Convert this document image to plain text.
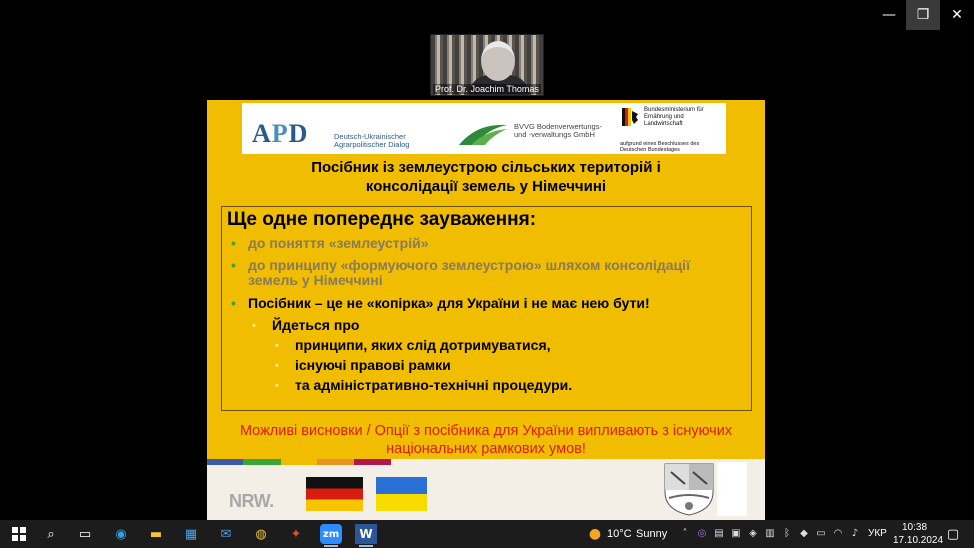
—	❐	✕
Prof. Dr. Joachim Thomas
APD	Deutsch-Ukrainischer Agrarpolitischer Dialog
BVVG Bodenverwertungs- und -verwaltungs GmbH
Bundesministerium für Ernährung und Landwirtschaft
aufgrund eines Beschlusses des Deutschen Bundestages
Посібник із землеустрою сільських територій і
консолідації земель у Німеччині
Ще одне попереднє зауваження:
• до поняття «землеустрій»
• до принципу «формуючого землеустрою» шляхом консолідації
земель у Німеччині
• Посібник – це не «копірка» для України і не має нею бути!
• Йдеться про
• принципи, яких слід дотримуватися,
• існуючі правові рамки
• та адміністративно-технічні процедури.
Можливі висновки / Опції з посібника для України випливають з існуючих
національних рамкових умов!
NRW.
⌕	▭	◉	▬	▦	✉	◍	✦	zm	W	● 10°C Sunny	˄	◎ ▤ ▣ ◈ ▥ ᛒ	◆ ▭ ◠ ♪ УКР
10:38
17.10.2024 ▢
